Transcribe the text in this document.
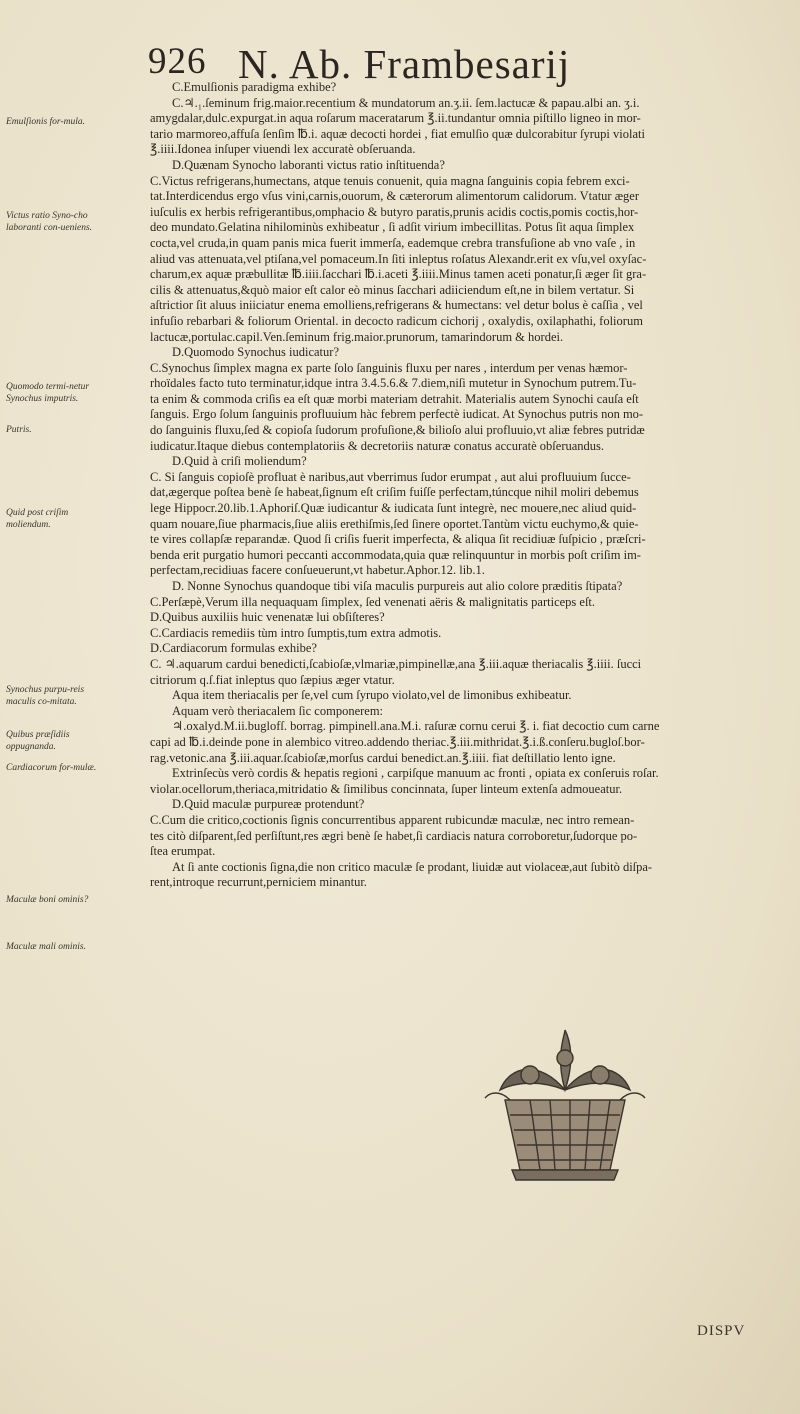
926 N. Ab. Frambesarij
Emulſionis for-mula.
Victus ratio Syno-cho laboranti con-ueniens.
Quomodo termi-netur Synochus imputris.
Putris.
Quid post criſim moliendum.
Synochus purpu-reis maculis co-mitata.
Quibus præſidiis oppugnanda.
Cardiacorum for-mulæ.
Maculæ boni ominis?
Maculæ mali ominis.
C.Emulſionis paradigma exhibe?
C.♃.₁.ſeminum frig.maior.recentium & mundatorum an.ʒ.ii. ſem.lactucæ & papau.albi an. ʒ.i.
amygdalar,dulc.expurgat.in aqua roſarum maceratarum ℥.ii.tundantur omnia piſtillo ligneo in mor-
tario marmoreo,affuſa ſenſim ℔.i. aquæ decocti hordei , fiat emulſio quæ dulcorabitur ſyrupi violati
℥.iiii.Idonea inſuper viuendi lex accuratè obſeruanda.
D.Quænam Synocho laboranti victus ratio inſtituenda?
C.Victus refrigerans,humectans, atque tenuis conuenit, quia magna ſanguinis copia febrem exci-
tat.Interdicendus ergo vſus vini,carnis,ouorum, & cæterorum alimentorum calidorum. Vtatur æger
iuſculis ex herbis refrigerantibus,omphacio & butyro paratis,prunis acidis coctis,pomis coctis,hor-
deo mundato.Gelatina nihilominùs exhibeatur , ſi adſit virium imbecillitas. Potus ſit aqua ſimplex
cocta,vel cruda,in quam panis mica fuerit immerſa, eademque crebra transfuſione ab vno vaſe , in
aliud vas attenuata,vel ptiſana,vel pomaceum.In ſiti inleptus roſatus Alexandr.erit ex vſu,vel oxyſac-
charum,ex aquæ præbullitæ ℔.iiii.ſacchari ℔.i.aceti ℥.iiii.Minus tamen aceti ponatur,ſi æger ſit gra-
cilis & attenuatus,&quò maior eſt calor eò minus ſacchari adiiciendum eſt,ne in bilem vertatur. Si
aſtrictior ſit aluus iniiciatur enema emolliens,refrigerans & humectans: vel detur bolus è caſſia , vel
infuſio rebarbari & foliorum Oriental. in decocto radicum cichorij , oxalydis, oxilaphathi, foliorum
lactucæ,portulac.capil.Ven.ſeminum frig.maior.prunorum, tamarindorum & hordei.
D.Quomodo Synochus iudicatur?
C.Synochus ſimplex magna ex parte ſolo ſanguinis fluxu per nares , interdum per venas hæmor-
rhoïdales facto tuto terminatur,idque intra 3.4.5.6.& 7.diem,niſi mutetur in Synochum putrem.Tu-
ta enim & commoda criſis ea eſt quæ morbi materiam detrahit. Materialis autem Synochi cauſa eſt
ſanguis. Ergo ſolum ſanguinis profluuium hàc febrem perfectè iudicat. At Synochus putris non mo-
do ſanguinis fluxu,ſed & copioſa ſudorum profuſione,& bilioſo alui profluuio,vt aliæ febres putridæ
iudicatur.Itaque diebus contemplatoriis & decretoriis naturæ conatus accuratè obſeruandus.
D.Quid à criſi moliendum?
C. Si ſanguis copioſè profluat è naribus,aut vberrimus ſudor erumpat , aut alui profluuium ſucce-
dat,ægerque poſtea benè ſe habeat,ſignum eſt criſim fuiſſe perfectam,túncque nihil moliri debemus
lege Hippocr.20.lib.1.Aphoriſ.Quæ iudicantur & iudicata ſunt integrè, nec mouere,nec aliud quid-
quam nouare,ſiue pharmacis,ſiue aliis erethiſmis,ſed ſinere oportet.Tantùm victu euchymo,& quie-
te vires collapſæ reparandæ. Quod ſi criſis fuerit imperfecta, & aliqua ſit recidiuæ ſuſpicio , præſcri-
benda erit purgatio humori peccanti accommodata,quia quæ relinquuntur in morbis poſt criſim im-
perfectam,recidiuas facere conſueuerunt,vt habetur.Aphor.12. lib.1.
D. Nonne Synochus quandoque tibi viſa maculis purpureis aut alio colore præditis ſtipata?
C.Perſæpè,Verum illa nequaquam ſimplex, ſed venenati aëris & malignitatis particeps eſt.
D.Quibus auxiliis huic venenatæ lui obſiſteres?
C.Cardiacis remediis tùm intro ſumptis,tum extra admotis.
D.Cardiacorum formulas exhibe?
C. ♃.aquarum cardui benedicti,ſcabioſæ,vlmariæ,pimpinellæ,ana ℥.iii.aquæ theriacalis ℥.iiii. ſucci
citriorum q.ſ.fiat inleptus quo ſæpius æger vtatur.
Aqua item theriacalis per ſe,vel cum ſyrupo violato,vel de limonibus exhibeatur.
Aquam verò theriacalem ſic componerem:
♃.oxalyd.M.ii.buglofſ. borrag. pimpinell.ana.M.i. raſuræ cornu cerui ℥. i. fiat decoctio cum carne
capi ad ℔.i.deinde pone in alembico vitreo.addendo theriac.℥.iii.mithridat.℥.i.ß.conſeru.bugloſ.bor-
rag.vetonic.ana ℥.iii.aquar.ſcabioſæ,morſus cardui benedict.an.℥.iiii. fiat deſtillatio lento igne.
Extrinſecùs verò cordis & hepatis regioni , carpiſque manuum ac fronti , opiata ex conſeruis roſar.
violar.ocellorum,theriaca,mitridatio & ſimilibus concinnata, ſuper linteum extenſa admoueatur.
D.Quid maculæ purpureæ protendunt?
C.Cum die critico,coctionis ſignis concurrentibus apparent rubicundæ maculæ, nec intro remean-
tes citò diſparent,ſed perſiſtunt,res ægri benè ſe habet,ſi cardiacis natura corroboretur,ſudorque po-
ſtea erumpat.
At ſi ante coctionis ſigna,die non critico maculæ ſe prodant, liuidæ aut violaceæ,aut ſubitò diſpa-
rent,introque recurrunt,perniciem minantur.
DISPV
